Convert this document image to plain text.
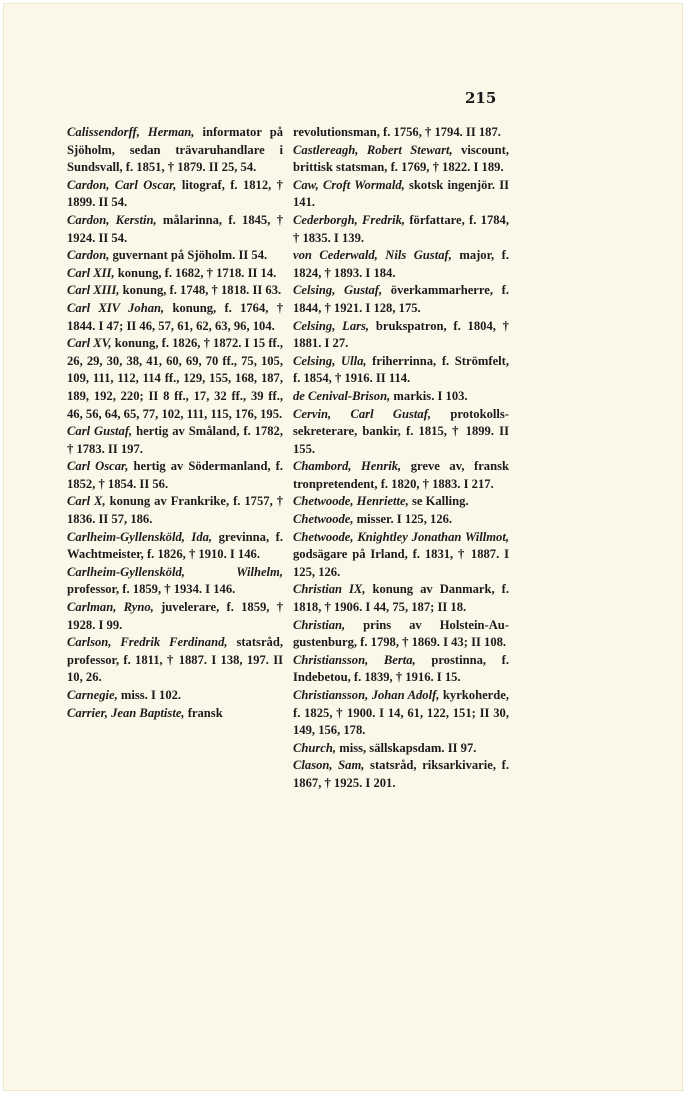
215
Calissendorff, Herman, informator på Sjöholm, sedan trävaruhandlare i Sundsvall, f. 1851, † 1879. II 25, 54.
Cardon, Carl Oscar, litograf, f. 1812, † 1899. II 54.
Cardon, Kerstin, målarinna, f. 1845, † 1924. II 54.
Cardon, guvernant på Sjöholm. II 54.
Carl XII, konung, f. 1682, † 1718. II 14.
Carl XIII, konung, f. 1748, † 1818. II 63.
Carl XIV Johan, konung, f. 1764, † 1844. I 47; II 46, 57, 61, 62, 63, 96, 104.
Carl XV, konung, f. 1826, † 1872. I 15 ff., 26, 29, 30, 38, 41, 60, 69, 70 ff., 75, 105, 109, 111, 112, 114 ff., 129, 155, 168, 187, 189, 192, 220; II 8 ff., 17, 32 ff., 39 ff., 46, 56, 64, 65, 77, 102, 111, 115, 176, 195.
Carl Gustaf, hertig av Småland, f. 1782, † 1783. II 197.
Carl Oscar, hertig av Södermanland, f. 1852, † 1854. II 56.
Carl X, konung av Frankrike, f. 1757, † 1836. II 57, 186.
Carlheim-Gyllensköld, Ida, grevinna, f. Wachtmeister, f. 1826, † 1910. I 146.
Carlheim-Gyllensköld, Wilhelm, professor, f. 1859, † 1934. I 146.
Carlman, Ryno, juvelerare, f. 1859, † 1928. I 99.
Carlson, Fredrik Ferdinand, statsråd, professor, f. 1811, † 1887. I 138, 197. II 10, 26.
Carnegie, miss. I 102.
Carrier, Jean Baptiste, fransk
revolutionsman, f. 1756, † 1794. II 187.
Castlereagh, Robert Stewart, viscount, brittisk statsman, f. 1769, † 1822. I 189.
Caw, Croft Wormald, skotsk ingenjör. II 141.
Cederborgh, Fredrik, författare, f. 1784, † 1835. I 139.
von Cederwald, Nils Gustaf, major, f. 1824, † 1893. I 184.
Celsing, Gustaf, överkammarherre, f. 1844, † 1921. I 128, 175.
Celsing, Lars, brukspatron, f. 1804, † 1881. I 27.
Celsing, Ulla, friherrinna, f. Strömfelt, f. 1854, † 1916. II 114.
de Cenival-Brison, markis. I 103.
Cervin, Carl Gustaf, protokollssekreterare, bankir, f. 1815, † 1899. II 155.
Chambord, Henrik, greve av, fransk tronpretendent, f. 1820, † 1883. I 217.
Chetwoode, Henriette, se Kalling.
Chetwoode, misser. I 125, 126.
Chetwoode, Knightley Jonathan Willmot, godsägare på Irland, f. 1831, † 1887. I 125, 126.
Christian IX, konung av Danmark, f. 1818, † 1906. I 44, 75, 187; II 18.
Christian, prins av Holstein-Augustenburg, f. 1798, † 1869. I 43; II 108.
Christiansson, Berta, prostinna, f. Indebetou, f. 1839, † 1916. I 15.
Christiansson, Johan Adolf, kyrkoherde, f. 1825, † 1900. I 14, 61, 122, 151; II 30, 149, 156, 178.
Church, miss, sällskapsdam. II 97.
Clason, Sam, statsråd, riksarkivarie, f. 1867, † 1925. I 201.
